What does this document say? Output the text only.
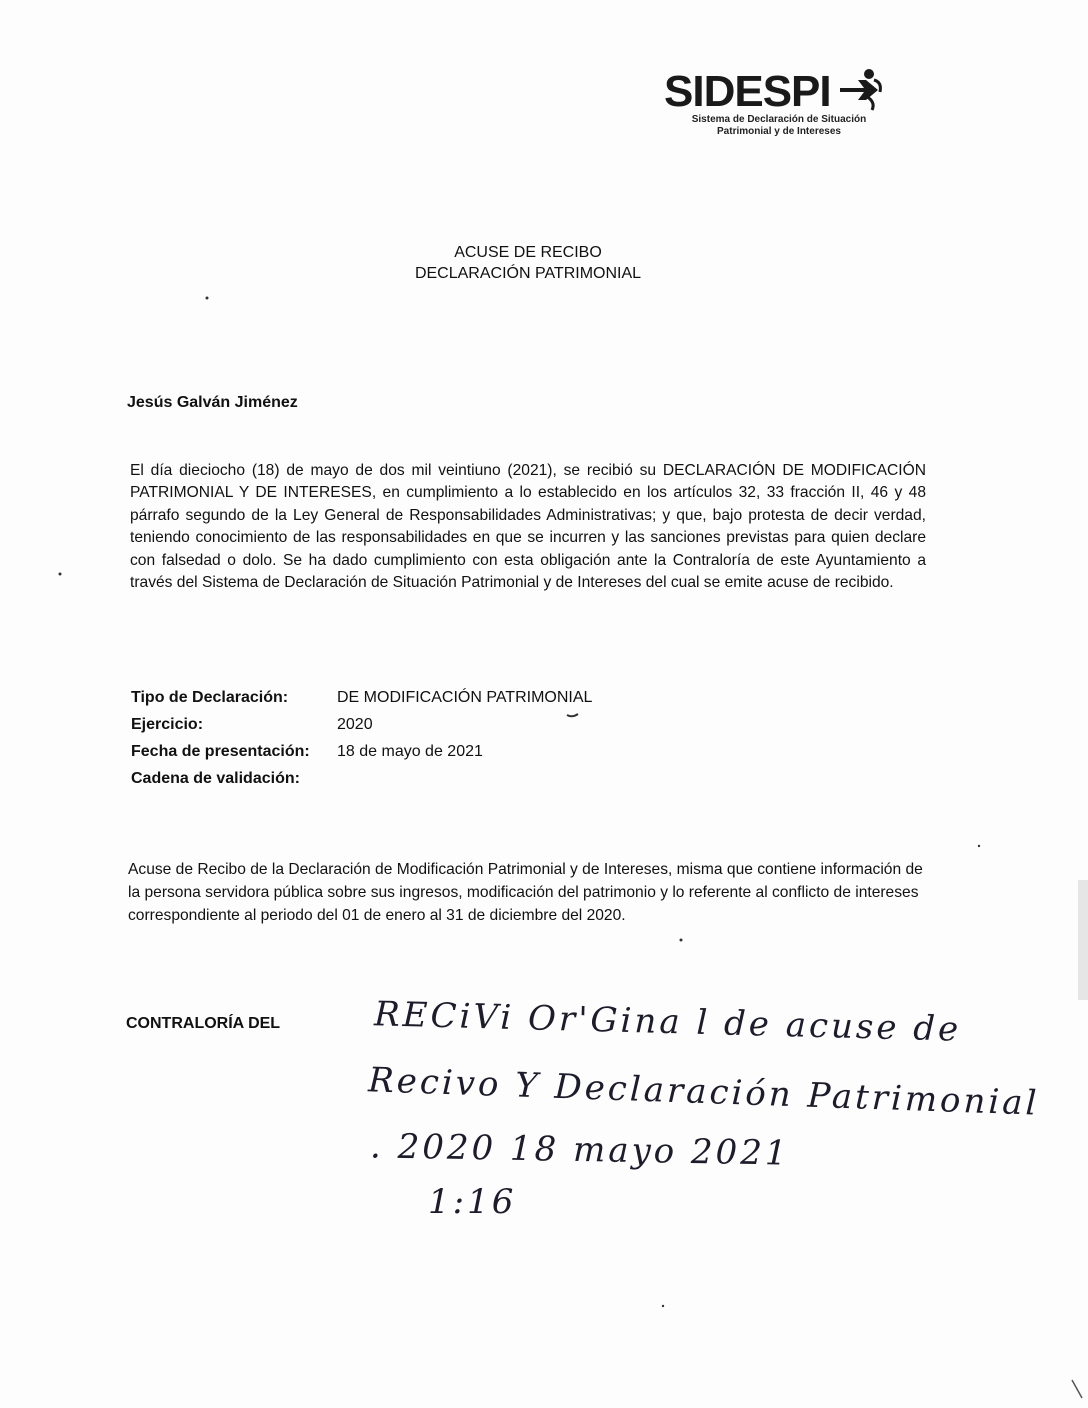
SIDESPI
Sistema de Declaración de Situación
Patrimonial y de Intereses
ACUSE DE RECIBO
DECLARACIÓN PATRIMONIAL
Jesús Galván Jiménez
El día dieciocho (18) de mayo de dos mil veintiuno (2021), se recibió su DECLARACIÓN DE MODIFICACIÓN PATRIMONIAL Y DE INTERESES, en cumplimiento a lo establecido en los artículos 32, 33 fracción II, 46 y 48 párrafo segundo de la Ley General de Responsabilidades Administrativas; y que, bajo protesta de decir verdad, teniendo conocimiento de las responsabilidades en que se incurren y las sanciones previstas para quien declare con falsedad o dolo. Se ha dado cumplimiento con esta obligación ante la Contraloría de este Ayuntamiento a través del Sistema de Declaración de Situación Patrimonial y de Intereses del cual se emite acuse de recibido.
Tipo de Declaración:	DE MODIFICACIÓN PATRIMONIAL
Ejercicio:	2020
Fecha de presentación:	18 de mayo de 2021
Cadena de validación:
Acuse de Recibo de la Declaración de Modificación Patrimonial y de Intereses, misma que contiene información de la persona servidora pública sobre sus ingresos, modificación del patrimonio y lo referente al conflicto de intereses correspondiente al periodo del 01 de enero al 31 de diciembre del 2020.
CONTRALORÍA DEL	RECiVi Or'Gina l de acuse de
Recivo Y Declaración Patrimonial
. 2020 18 mayo 2021
1:16
